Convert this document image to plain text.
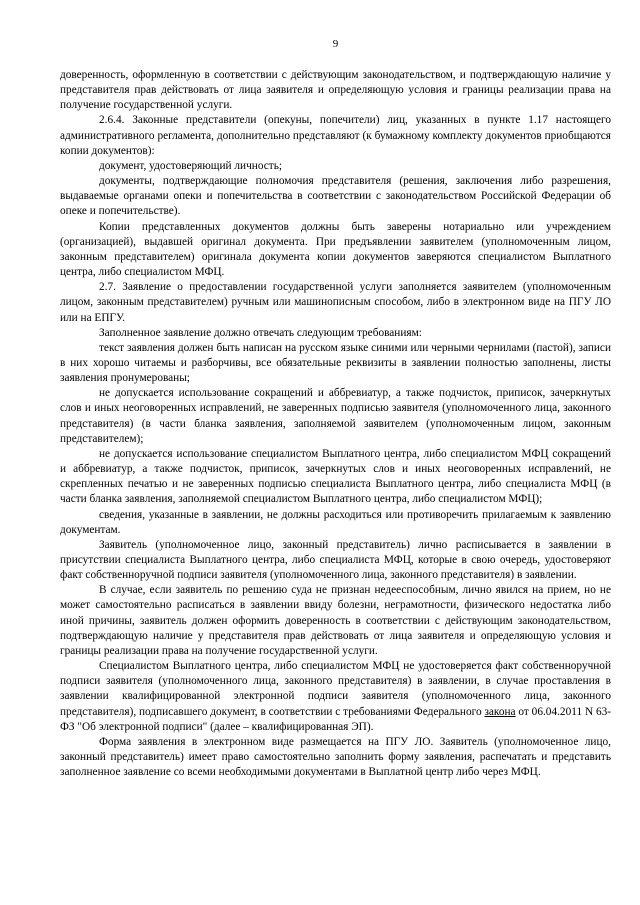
9

доверенность, оформленную в соответствии с действующим законодательством, и подтверждающую наличие у представителя прав действовать от лица заявителя и определяющую условия и границы реализации права на получение государственной услуги.

2.6.4. Законные представители (опекуны, попечители) лиц, указанных в пункте 1.17 настоящего административного регламента, дополнительно представляют (к бумажному комплекту документов приобщаются копии документов):

документ, удостоверяющий личность;

документы, подтверждающие полномочия представителя (решения, заключения либо разрешения, выдаваемые органами опеки и попечительства в соответствии с законодательством Российской Федерации об опеке и попечительстве).

Копии представленных документов должны быть заверены нотариально или учреждением (организацией), выдавшей оригинал документа. При предъявлении заявителем (уполномоченным лицом, законным представителем) оригинала документа копии документов заверяются специалистом Выплатного центра, либо специалистом МФЦ.

2.7. Заявление о предоставлении государственной услуги заполняется заявителем (уполномоченным лицом, законным представителем) ручным или машинописным способом, либо в электронном виде на ПГУ ЛО или на ЕПГУ.

Заполненное заявление должно отвечать следующим требованиям:

текст заявления должен быть написан на русском языке синими или черными чернилами (пастой), записи в них хорошо читаемы и разборчивы, все обязательные реквизиты в заявлении полностью заполнены, листы заявления пронумерованы;

не допускается использование сокращений и аббревиатур, а также подчисток, приписок, зачеркнутых слов и иных неоговоренных исправлений, не заверенных подписью заявителя (уполномоченного лица, законного представителя) (в части бланка заявления, заполняемой заявителем (уполномоченным лицом, законным представителем);

не допускается использование специалистом Выплатного центра, либо специалистом МФЦ сокращений и аббревиатур, а также подчисток, приписок, зачеркнутых слов и иных неоговоренных исправлений, не скрепленных печатью и не заверенных подписью специалиста Выплатного центра, либо специалиста МФЦ (в части бланка заявления, заполняемой специалистом Выплатного центра, либо специалистом МФЦ);

сведения, указанные в заявлении, не должны расходиться или противоречить прилагаемым к заявлению документам.

Заявитель (уполномоченное лицо, законный представитель) лично расписывается в заявлении в присутствии специалиста Выплатного центра, либо специалиста МФЦ, которые в свою очередь, удостоверяют факт собственноручной подписи заявителя (уполномоченного лица, законного представителя) в заявлении.

В случае, если заявитель по решению суда не признан недееспособным, лично явился на прием, но не может самостоятельно расписаться в заявлении ввиду болезни, неграмотности, физического недостатка либо иной причины, заявитель должен оформить доверенность в соответствии с действующим законодательством, подтверждающую наличие у представителя прав действовать от лица заявителя и определяющую условия и границы реализации права на получение государственной услуги.

Специалистом Выплатного центра, либо специалистом МФЦ не удостоверяется факт собственноручной подписи заявителя (уполномоченного лица, законного представителя) в заявлении, в случае проставления в заявлении квалифицированной электронной подписи заявителя (уполномоченного лица, законного представителя), подписавшего документ, в соответствии с требованиями Федерального закона от 06.04.2011 N 63-ФЗ "Об электронной подписи" (далее – квалифицированная ЭП).

Форма заявления в электронном виде размещается на ПГУ ЛО. Заявитель (уполномоченное лицо, законный представитель) имеет право самостоятельно заполнить форму заявления, распечатать и представить заполненное заявление со всеми необходимыми документами в Выплатной центр либо через МФЦ.
